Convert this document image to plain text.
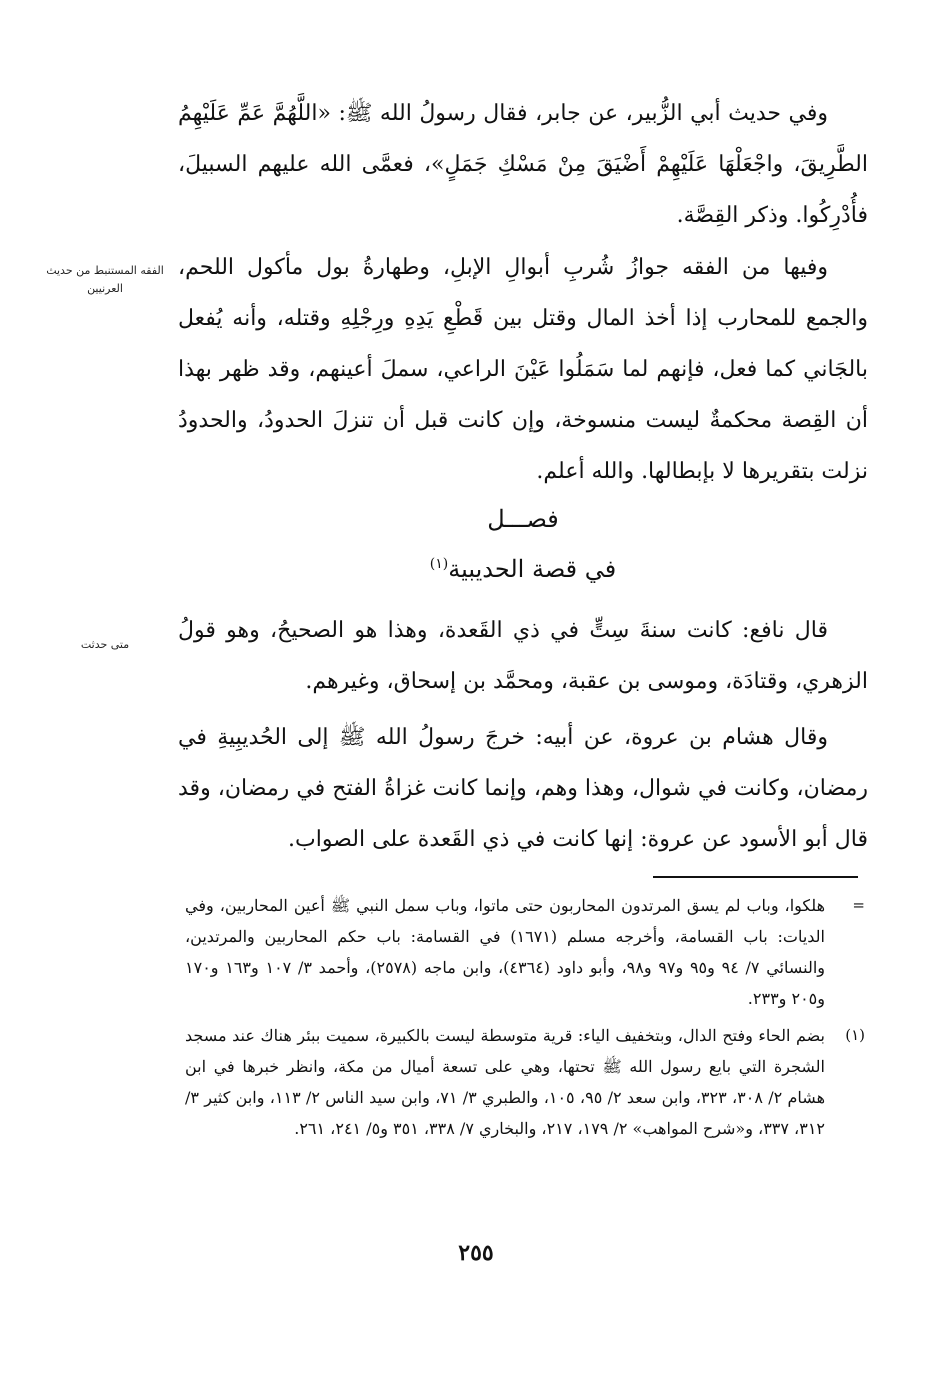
وفي حديث أبي الزُّبير، عن جابر، فقال رسولُ الله ﷺ: «اللَّهُمَّ عَمِّ عَلَيْهِمُ الطَّرِيقَ، واجْعَلْهَا عَلَيْهِمْ أَضْيَقَ مِنْ مَسْكِ جَمَلٍ»، فعمَّى الله عليهم السبيلَ، فأُدْرِكُوا. وذكر القِصَّة.

الفقه المستنبط من حديث العرنيين

وفيها من الفقه جوازُ شُربِ أبوالِ الإبلِ، وطهارةُ بول مأكول اللحم، والجمع للمحارب إذا أخذ المال وقتل بين قَطْعِ يَدِهِ ورِجْلِهِ وقتله، وأنه يُفعل بالجَاني كما فعل، فإنهم لما سَمَلُوا عَيْنَ الراعي، سملَ أعينهم، وقد ظهر بهذا أن القِصة محكمةٌ ليست منسوخة، وإن كانت قبل أن تنزلَ الحدودُ، والحدودُ نزلت بتقريرها لا بإبطالها. والله أعلم.

فصـــل
في قصة الحديبية$^{(١)}$
متى حدثت

قال نافع: كانت سنةَ سِتٍّ في ذي القَعدة، وهذا هو الصحيحُ، وهو قولُ الزهري، وقتادَة، وموسى بن عقبة، ومحمَّد بن إسحاق، وغيرهم.

وقال هشام بن عروة، عن أبيه: خرجَ رسولُ الله ﷺ إلى الحُديبِيةِ في رمضان، وكانت في شوال، وهذا وهم، وإنما كانت غزاةُ الفتح في رمضان، وقد قال أبو الأسود عن عروة: إنها كانت في ذي القَعدة على الصواب.

=
هلكوا، وباب لم يسق المرتدون المحاربون حتى ماتوا، وباب سمل النبي ﷺ أعين المحاربين، وفي الديات: باب القسامة، وأخرجه مسلم (١٦٧١) في القسامة: باب حكم المحاربين والمرتدين، والنسائي ٧/ ٩٤ و٩٥ و٩٧ و٩٨، وأبو داود (٤٣٦٤)، وابن ماجه (٢٥٧٨)، وأحمد ٣/ ١٠٧ و١٦٣ و١٧٠ و٢٠٥ و٢٣٣.
(١)
بضم الحاء وفتح الدال، وبتخفيف الياء: قرية متوسطة ليست بالكبيرة، سميت ببئر هناك عند مسجد الشجرة التي بايع رسول الله ﷺ تحتها، وهي على تسعة أميال من مكة، وانظر خبرها في ابن هشام ٢/ ٣٠٨، ٣٢٣، وابن سعد ٢/ ٩٥، ١٠٥، والطبري ٣/ ٧١، وابن سيد الناس ٢/ ١١٣، وابن كثير ٣/ ٣١٢، ٣٣٧، و«شرح المواهب» ٢/ ١٧٩، ٢١٧، والبخاري ٧/ ٣٣٨، ٣٥١ و٥/ ٢٤١، ٢٦١.
٢٥٥
